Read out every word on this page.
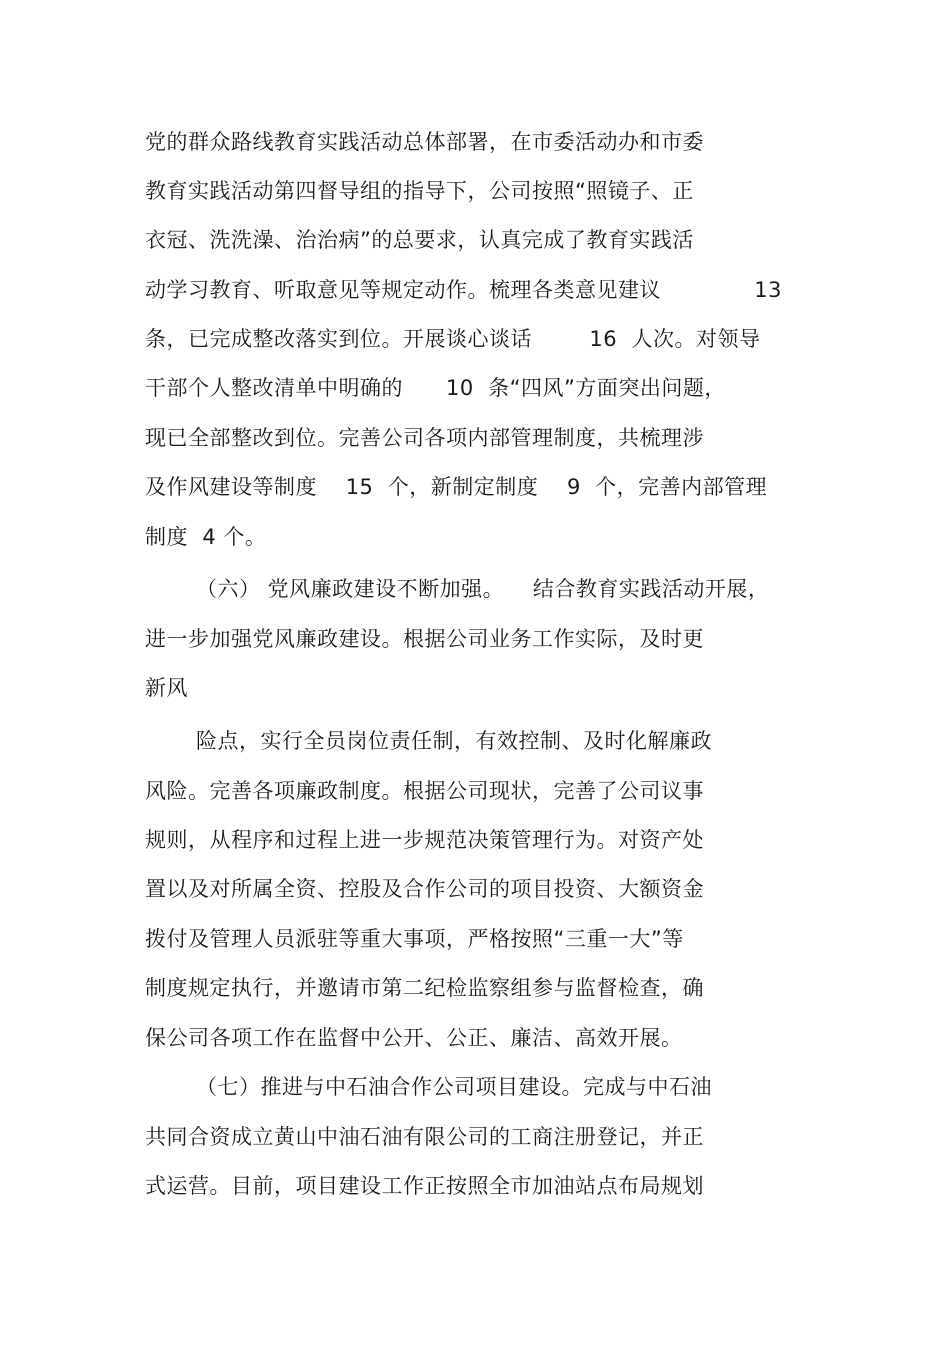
党的群众路线教育实践活动总体部署，在市委活动办和市委
教育实践活动第四督导组的指导下，公司按照“照镜子、正
衣冠、洗洗澡、治治病”的总要求，认真完成了教育实践活
动学习教育、听取意见等规定动作。梳理各类意见建议             13
条，已完成整改落实到位。开展谈心谈话        16  人次。对领导
干部个人整改清单中明确的      10  条“四风”方面突出问题，
现已全部整改到位。完善公司各项内部管理制度，共梳理涉
及作风建设等制度    15  个，新制定制度    9  个，完善内部管理
制度  4 个。
（六） 党风廉政建设不断加强。    结合教育实践活动开展，
进一步加强党风廉政建设。根据公司业务工作实际，及时更
新风
险点，实行全员岗位责任制，有效控制、及时化解廉政
风险。完善各项廉政制度。根据公司现状，完善了公司议事
规则，从程序和过程上进一步规范决策管理行为。对资产处
置以及对所属全资、控股及合作公司的项目投资、大额资金
拨付及管理人员派驻等重大事项，严格按照“三重一大”等
制度规定执行，并邀请市第二纪检监察组参与监督检查，确
保公司各项工作在监督中公开、公正、廉洁、高效开展。
（七）推进与中石油合作公司项目建设。完成与中石油
共同合资成立黄山中油石油有限公司的工商注册登记，并正
式运营。目前，项目建设工作正按照全市加油站点布局规划
